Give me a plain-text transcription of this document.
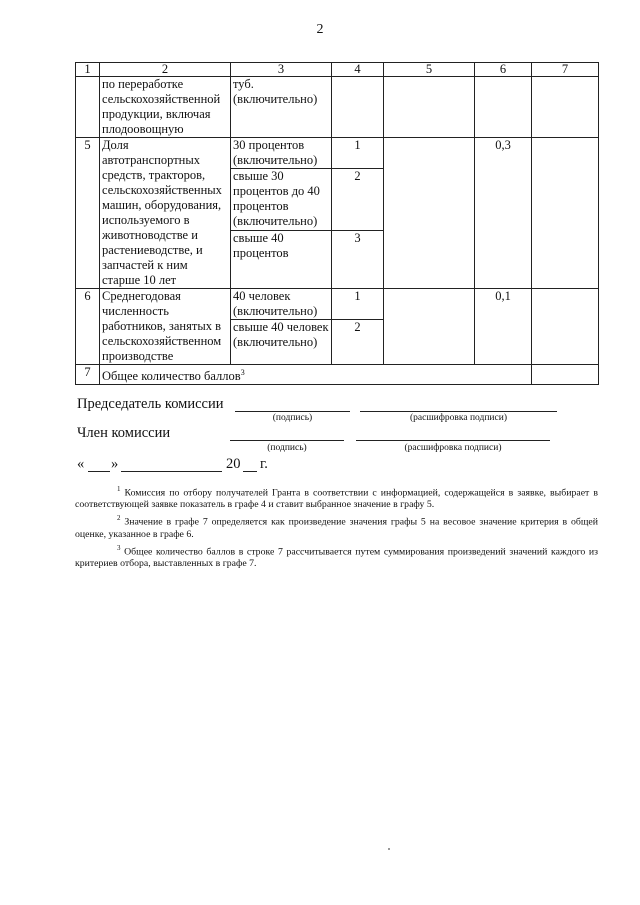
2
1	2	3	4	5	6	7
	по переработке сельскохозяйственной продукции, включая плодоовощную	туб. (включительно)				
5	Доля автотранспортных средств, тракторов, сельскохозяйственных машин, оборудования, используемого в животноводстве и растениеводстве, и запчастей к ним старше 10 лет	30 процентов (включительно)	1		0,3	
		свыше 30 процентов до 40 процентов (включительно)	2			
		свыше 40 процентов	3			
6	Среднегодовая численность работников, занятых в сельскохозяйственном производстве	40 человек (включительно)	1		0,1	
		свыше 40 человек (включительно)	2			
7	Общее количество баллов$^3$	
Председатель комиссии
(подпись)	(расшифровка подписи)
Член комиссии
(подпись)	(расшифровка подписи)
« »	20 г.

$^1$ Комиссия по отбору получателей Гранта в соответствии с информацией, содержащейся в заявке, выбирает в соответствующей заявке показатель в графе 4 и ставит выбранное значение в графу 5.

$^2$ Значение в графе 7 определяется как произведение значения графы 5 на весовое значение критерия в общей оценке, указанное в графе 6.

$^3$ Общее количество баллов в строке 7 рассчитывается путем суммирования произведений значений каждого из критериев отбора, выставленных в графе 7.
